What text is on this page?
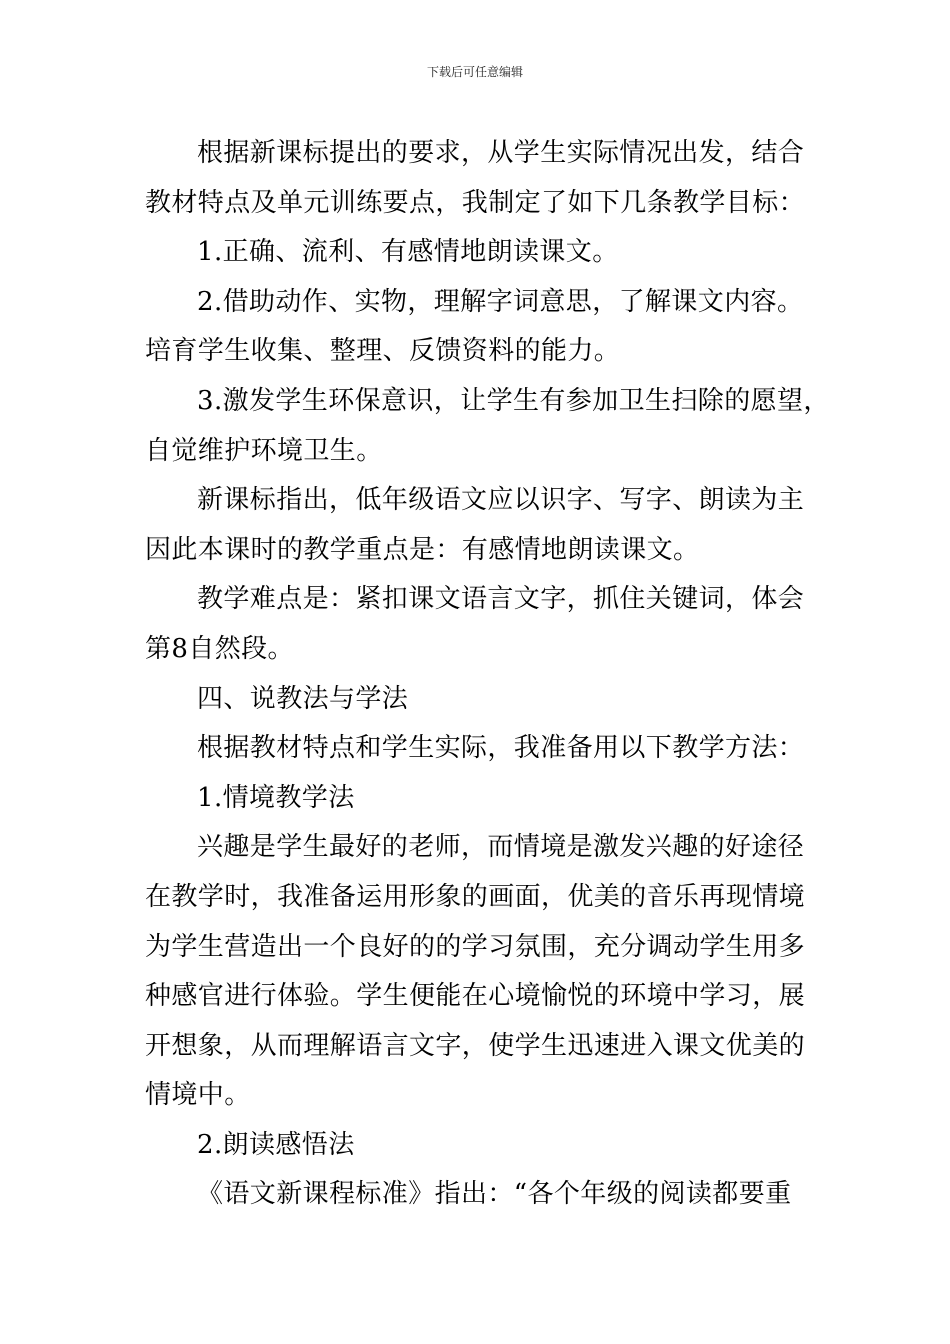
下载后可任意编辑
根据新课标提出的要求，从学生实际情况出发，结合
教材特点及单元训练要点，我制定了如下几条教学目标：
1.正确、流利、有感情地朗读课文。
2.借助动作、实物，理解字词意思，了解课文内容。
培育学生收集、整理、反馈资料的能力。
3.激发学生环保意识，让学生有参加卫生扫除的愿望，
自觉维护环境卫生。
新课标指出，低年级语文应以识字、写字、朗读为主
因此本课时的教学重点是：有感情地朗读课文。
教学难点是：紧扣课文语言文字，抓住关键词，体会
第8自然段。
四、说教法与学法
根据教材特点和学生实际，我准备用以下教学方法：
1.情境教学法
兴趣是学生最好的老师，而情境是激发兴趣的好途径
在教学时，我准备运用形象的画面，优美的音乐再现情境
为学生营造出一个良好的的学习氛围，充分调动学生用多
种感官进行体验。学生便能在心境愉悦的环境中学习，展
开想象，从而理解语言文字，使学生迅速进入课文优美的
情境中。
2.朗读感悟法
《语文新课程标准》指出：“各个年级的阅读都要重
